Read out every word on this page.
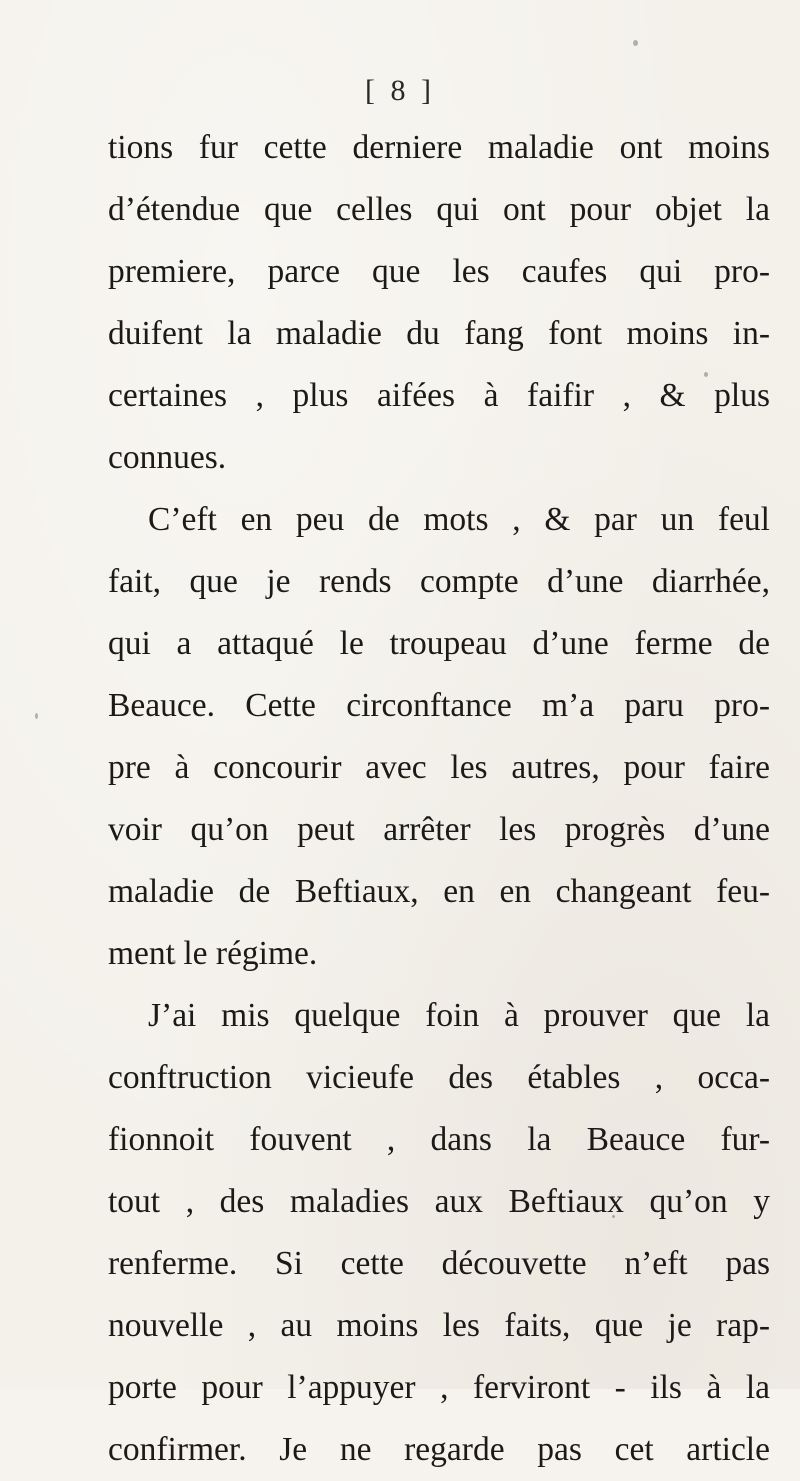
[ 8 ]
tions fur cette derniere maladie ont moins
d’étendue que celles qui ont pour objet la
premiere, parce que les caufes qui pro-
duifent la maladie du fang font moins in-
certaines , plus aifées à faifir , & plus
connues.
C’eft en peu de mots , & par un feul
fait, que je rends compte d’une diarrhée,
qui a attaqué le troupeau d’une ferme de
Beauce. Cette circonftance m’a paru pro-
pre à concourir avec les autres, pour faire
voir qu’on peut arrêter les progrès d’une
maladie de Beftiaux, en en changeant feu-
ment le régime.
J’ai mis quelque foin à prouver que la
conftruction vicieufe des étables , occa-
fionnoit fouvent , dans la Beauce fur-
tout , des maladies aux Beftiaux qu’on y
renferme. Si cette découvette n’eft pas
nouvelle , au moins les faits, que je rap-
porte pour l’appuyer , ferviront - ils à la
confirmer. Je ne regarde pas cet article
